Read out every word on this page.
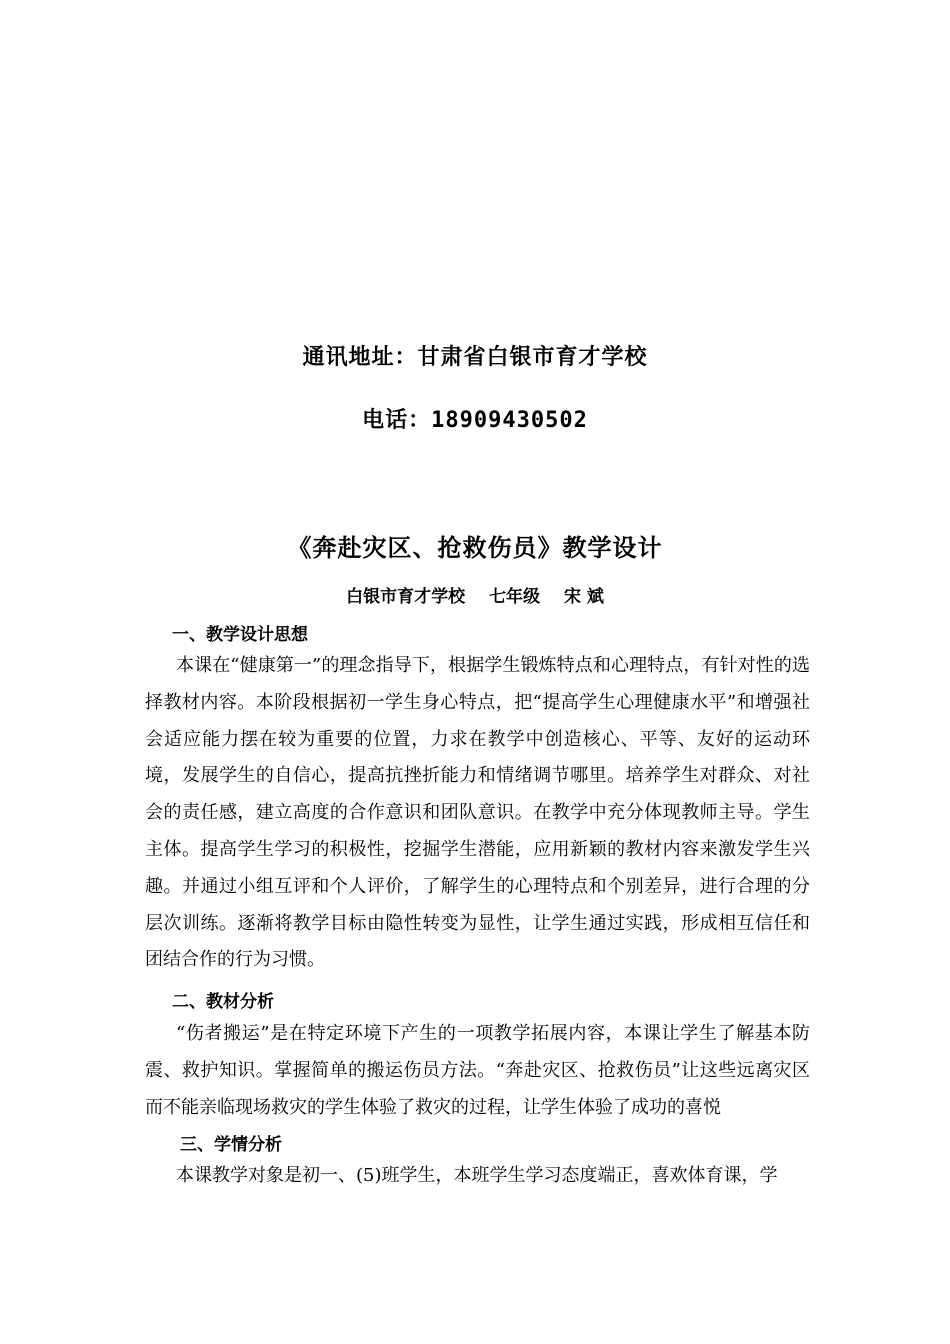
通讯地址：甘肃省白银市育才学校
电话：18909430502
《奔赴灾区、抢救伤员》教学设计
白银市育才学校 七年级 宋 斌
一、教学设计思想

本课在“健康第一”的理念指导下，根据学生锻炼特点和心理特点，有针对性的选择教材内容。本阶段根据初一学生身心特点，把“提高学生心理健康水平”和增强社会适应能力摆在较为重要的位置，力求在教学中创造核心、平等、友好的运动环境，发展学生的自信心，提高抗挫折能力和情绪调节哪里。培养学生对群众、对社会的责任感，建立高度的合作意识和团队意识。在教学中充分体现教师主导。学生主体。提高学生学习的积极性，挖掘学生潜能，应用新颖的教材内容来激发学生兴趣。并通过小组互评和个人评价，了解学生的心理特点和个别差异，进行合理的分层次训练。逐渐将教学目标由隐性转变为显性，让学生通过实践，形成相互信任和团结合作的行为习惯。

二、教材分析

“伤者搬运”是在特定环境下产生的一项教学拓展内容，本课让学生了解基本防震、救护知识。掌握简单的搬运伤员方法。“奔赴灾区、抢救伤员”让这些远离灾区而不能亲临现场救灾的学生体验了救灾的过程，让学生体验了成功的喜悦

三、学情分析

本课教学对象是初一、(5)班学生，本班学生学习态度端正，喜欢体育课，学
